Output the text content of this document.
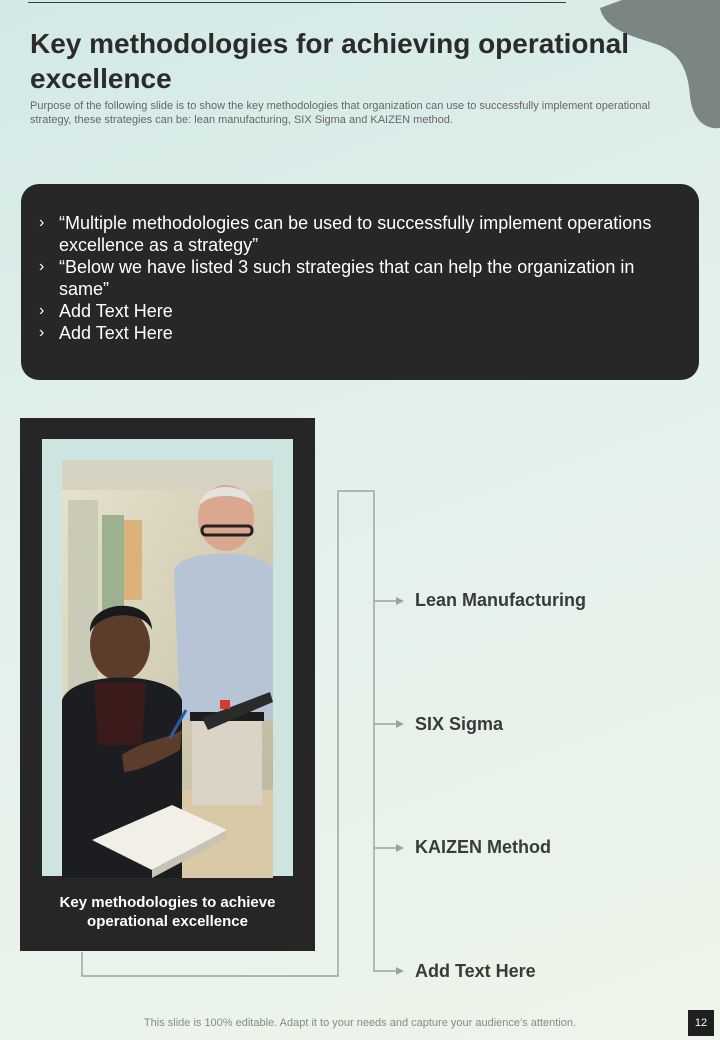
Key methodologies for achieving operational excellence

Purpose of the following slide is to show the key methodologies that organization can use to successfully implement operational strategy, these strategies can be: lean manufacturing, SIX Sigma and KAIZEN method.

› “Multiple methodologies can be used to successfully implement operations excellence as a strategy”
› “Below we have listed 3 such strategies that can help the organization in same”
› Add Text Here
› Add Text Here
Key methodologies to achieve operational excellence
Lean Manufacturing
SIX Sigma
KAIZEN Method
Add Text Here
This slide is 100% editable. Adapt it to your needs and capture your audience’s attention.	12
